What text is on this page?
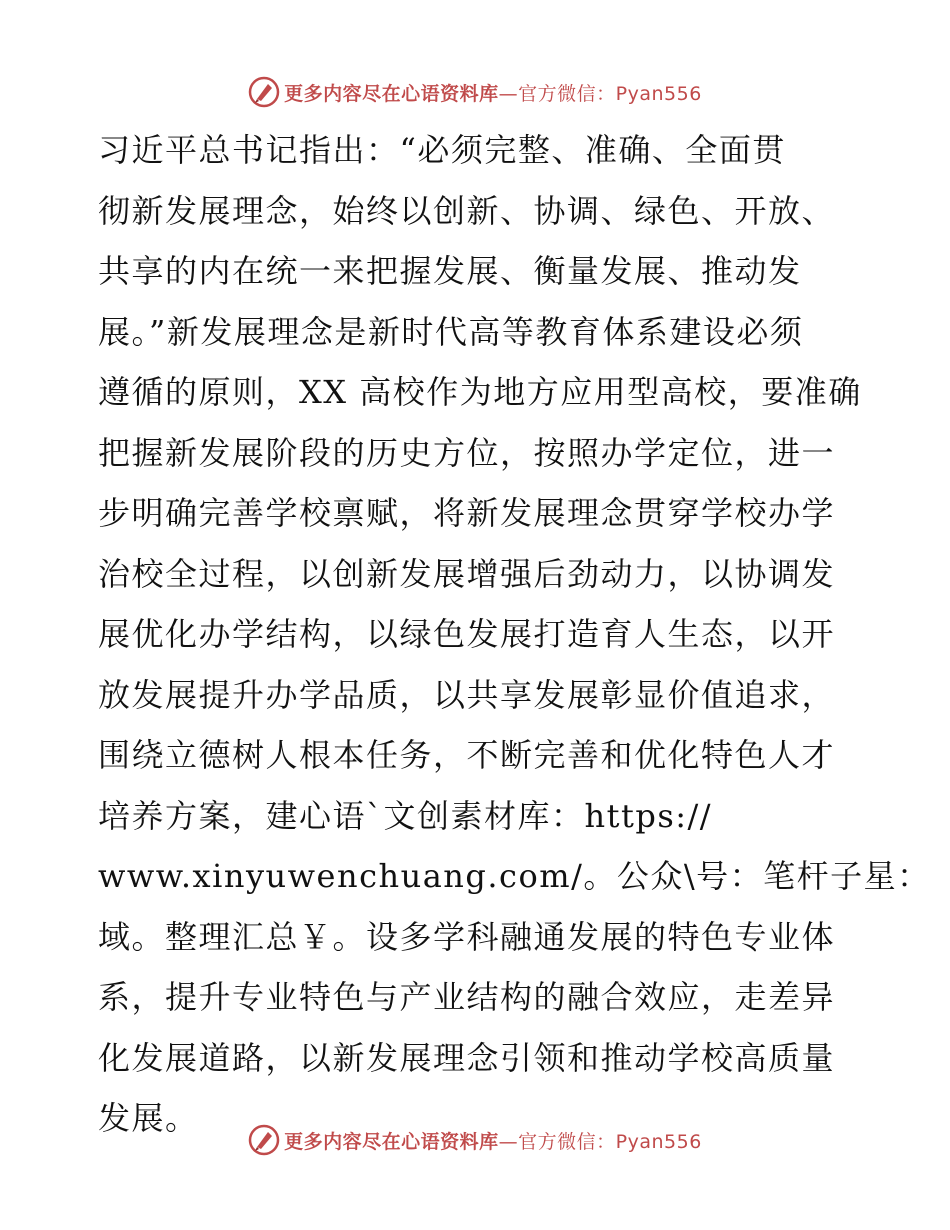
更多内容尽在心语资料库—官方微信：Pyan556
习近平总书记指出：“必须完整、准确、全面贯
彻新发展理念，始终以创新、协调、绿色、开放、
共享的内在统一来把握发展、衡量发展、推动发
展。”新发展理念是新时代高等教育体系建设必须
遵循的原则，XX 高校作为地方应用型高校，要准确
把握新发展阶段的历史方位，按照办学定位，进一
步明确完善学校禀赋，将新发展理念贯穿学校办学
治校全过程，以创新发展增强后劲动力，以协调发
展优化办学结构，以绿色发展打造育人生态，以开
放发展提升办学品质，以共享发展彰显价值追求，
围绕立德树人根本任务，不断完善和优化特色人才
培养方案，建心语`文创素材库：https://
www.xinyuwenchuang.com/。公众\号：笔杆子星：
域。整理汇总￥。设多学科融通发展的特色专业体
系，提升专业特色与产业结构的融合效应，走差异
化发展道路，以新发展理念引领和推动学校高质量
发展。
更多内容尽在心语资料库—官方微信：Pyan556
